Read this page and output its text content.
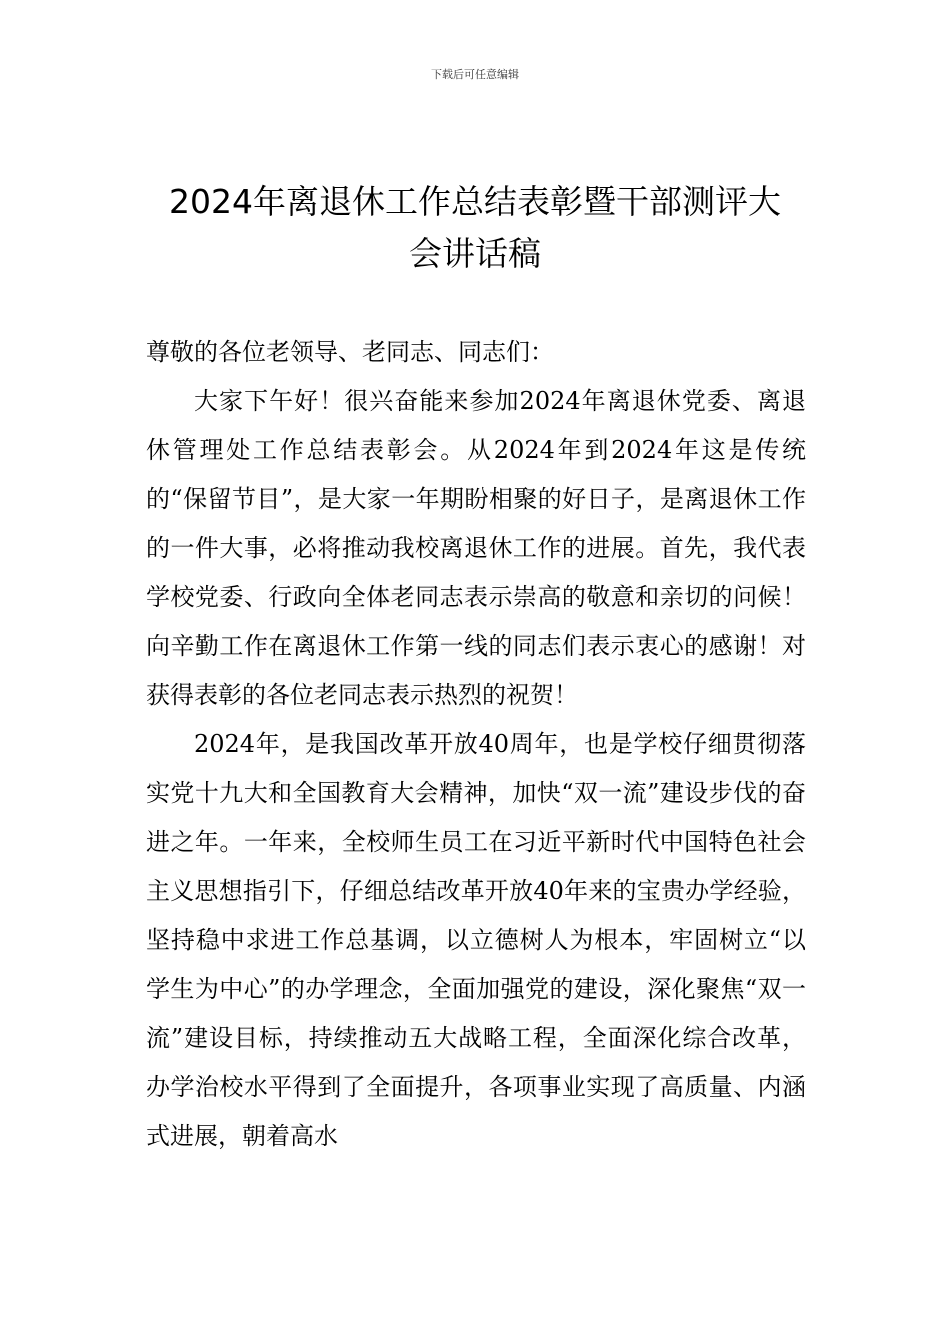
下载后可任意编辑
2024年离退休工作总结表彰暨干部测评大
会讲话稿

尊敬的各位老领导、老同志、同志们：

大家下午好！很兴奋能来参加2024年离退休党委、离退休管理处工作总结表彰会。从2024年到2024年这是传统的“保留节目”，是大家一年期盼相聚的好日子，是离退休工作的一件大事，必将推动我校离退休工作的进展。首先，我代表学校党委、行政向全体老同志表示崇高的敬意和亲切的问候！向辛勤工作在离退休工作第一线的同志们表示衷心的感谢！对获得表彰的各位老同志表示热烈的祝贺！

2024年，是我国改革开放40周年，也是学校仔细贯彻落实党十九大和全国教育大会精神，加快“双一流”建设步伐的奋进之年。一年来，全校师生员工在习近平新时代中国特色社会主义思想指引下，仔细总结改革开放40年来的宝贵办学经验，坚持稳中求进工作总基调，以立德树人为根本，牢固树立“以学生为中心”的办学理念，全面加强党的建设，深化聚焦“双一流”建设目标，持续推动五大战略工程，全面深化综合改革，办学治校水平得到了全面提升，各项事业实现了高质量、内涵式进展，朝着高水
